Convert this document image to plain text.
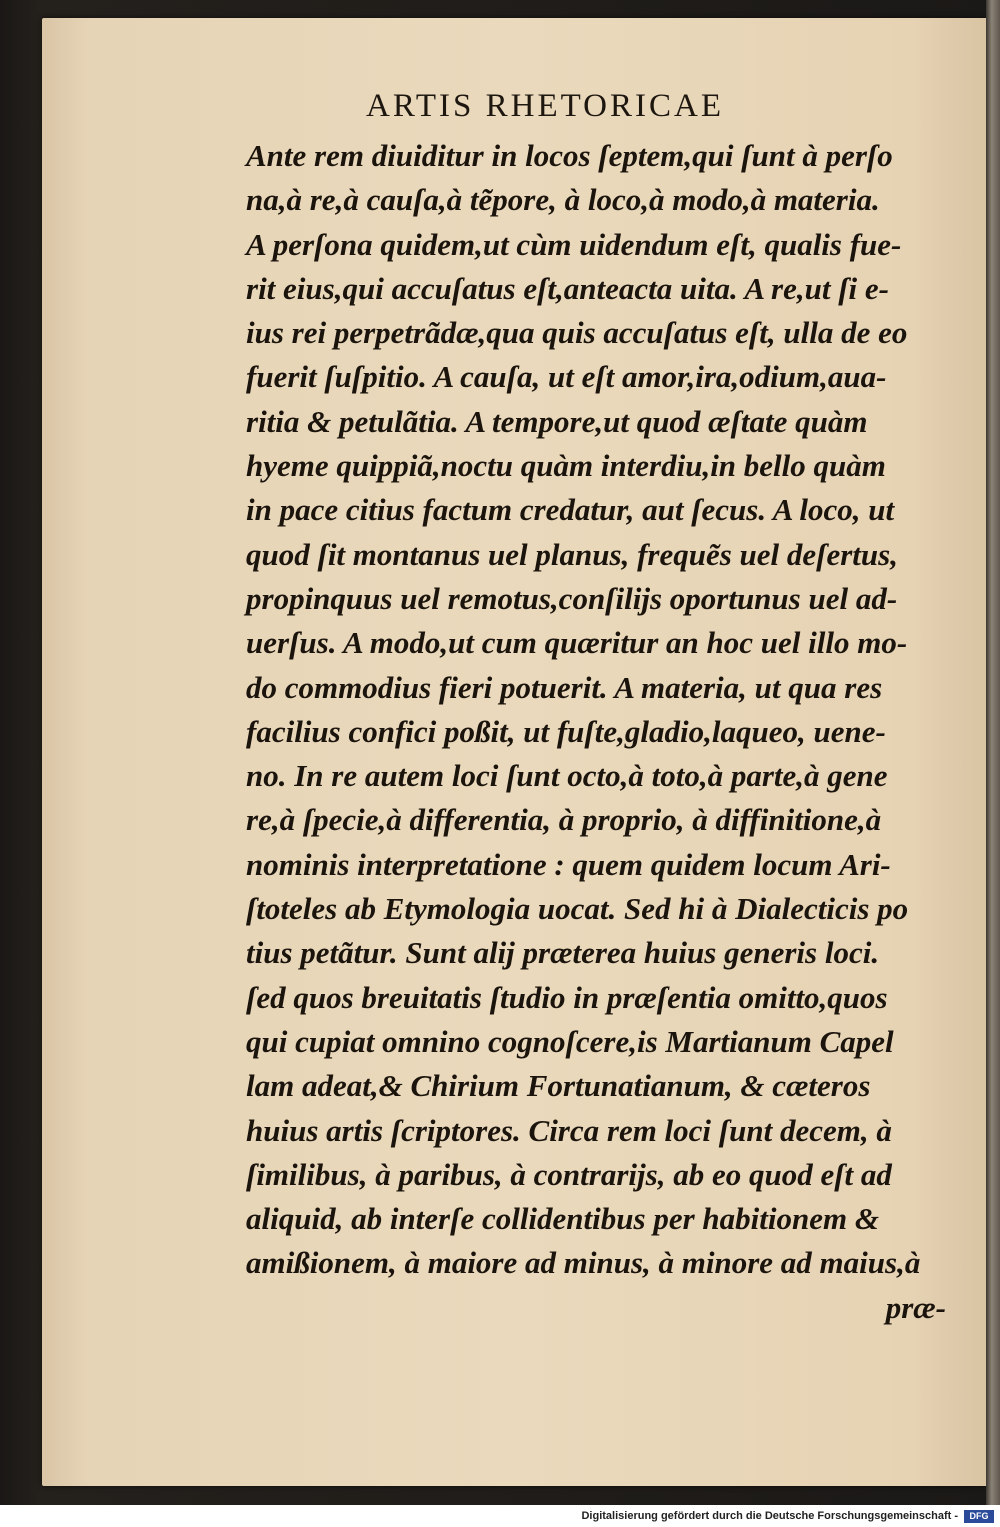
ARTIS RHETORICAE
Ante rem diuiditur in locos ſeptem,qui ſunt à perſo
na,à re,à cauſa,à tẽpore, à loco,à modo,à materia.
A perſona quidem,ut cùm uidendum eſt, qualis fue-
rit eius,qui accuſatus eſt,anteacta uita. A re,ut ſi e-
ius rei perpetrãdæ,qua quis accuſatus eſt, ulla de eo
fuerit ſuſpitio. A cauſa, ut eſt amor,ira,odium,aua-
ritia & petulãtia. A tempore,ut quod æſtate quàm
hyeme quippiã,noctu quàm interdiu,in bello quàm
in pace citius factum credatur, aut ſecus. A loco, ut
quod ſit montanus uel planus, frequẽs uel deſertus,
propinquus uel remotus,conſilijs oportunus uel ad-
uerſus. A modo,ut cum quæritur an hoc uel illo mo-
do commodius fieri potuerit. A materia, ut qua res
facilius confici poßit, ut fuſte,gladio,laqueo, uene-
no. In re autem loci ſunt octo,à toto,à parte,à gene
re,à ſpecie,à differentia, à proprio, à diffinitione,à
nominis interpretatione : quem quidem locum Ari-
ſtoteles ab Etymologia uocat. Sed hi à Dialecticis po
tius petãtur. Sunt alij præterea huius generis loci.
ſed quos breuitatis ſtudio in præſentia omitto,quos
qui cupiat omnino cognoſcere,is Martianum Capel
lam adeat,& Chirium Fortunatianum, & cæteros
huius artis ſcriptores. Circa rem loci ſunt decem, à
ſimilibus, à paribus, à contrarijs, ab eo quod eſt ad
aliquid, ab interſe collidentibus per habitionem &
amißionem, à maiore ad minus, à minore ad maius,à
præ-
Digitalisierung gefördert durch die Deutsche Forschungsgemeinschaft -	DFG
